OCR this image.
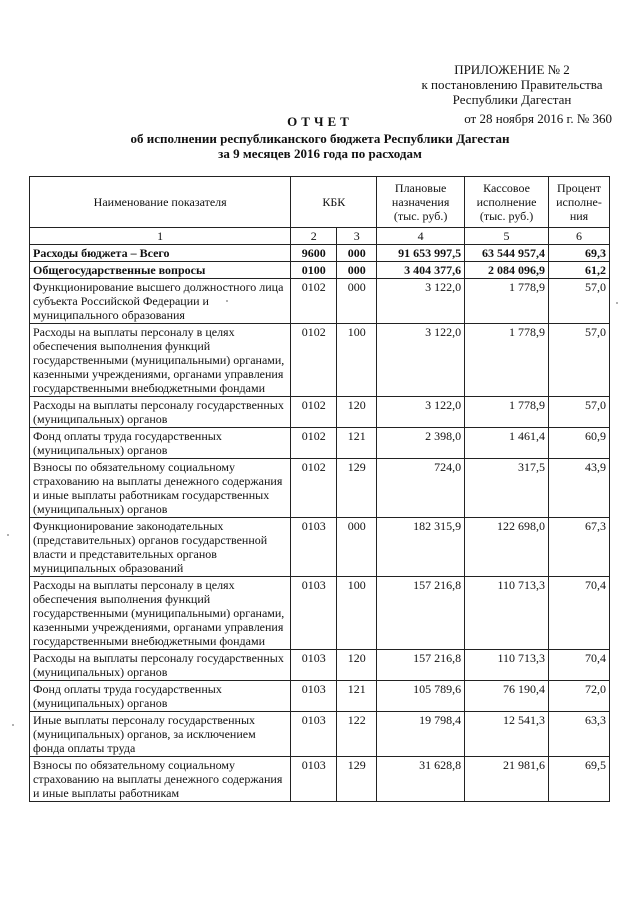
ПРИЛОЖЕНИЕ № 2
к постановлению Правительства
Республики Дагестан
от 28 ноября 2016 г. № 360
ОТЧЕТ
об исполнении республиканского бюджета Республики Дагестан
за 9 месяцев 2016 года по расходам
Наименование показателя	КБК		Плановые назначения (тыс. руб.)	Кассовое исполнение (тыс. руб.)	Процент исполне- ния
1	2	3	4	5	6
Расходы бюджета – Всего	9600	000	91 653 997,5	63 544 957,4	69,3
Общегосударственные вопросы	0100	000	3 404 377,6	2 084 096,9	61,2
Функционирование высшего должностного лица субъекта Российской Федерации и муниципального образования	0102	000	3 122,0	1 778,9	57,0
Расходы на выплаты персоналу в целях обеспечения выполнения функций государственными (муниципальными) органами, казенными учреждениями, органами управления государственными внебюджетными фондами	0102	100	3 122,0	1 778,9	57,0
Расходы на выплаты персоналу государственных (муниципальных) органов	0102	120	3 122,0	1 778,9	57,0
Фонд оплаты труда государственных (муниципальных) органов	0102	121	2 398,0	1 461,4	60,9
Взносы по обязательному социальному страхованию на выплаты денежного содержания и иные выплаты работникам государственных (муниципальных) органов	0102	129	724,0	317,5	43,9
Функционирование законодательных (представительных) органов государственной власти и представительных органов муниципальных образований	0103	000	182 315,9	122 698,0	67,3
Расходы на выплаты персоналу в целях обеспечения выполнения функций государственными (муниципальными) органами, казенными учреждениями, органами управления государственными внебюджетными фондами	0103	100	157 216,8	110 713,3	70,4
Расходы на выплаты персоналу государственных (муниципальных) органов	0103	120	157 216,8	110 713,3	70,4
Фонд оплаты труда государственных (муниципальных) органов	0103	121	105 789,6	76 190,4	72,0
Иные выплаты персоналу государственных (муниципальных) органов, за исключением фонда оплаты труда	0103	122	19 798,4	12 541,3	63,3
Взносы по обязательному социальному страхованию на выплаты денежного содержания и иные выплаты работникам	0103	129	31 628,8	21 981,6	69,5
